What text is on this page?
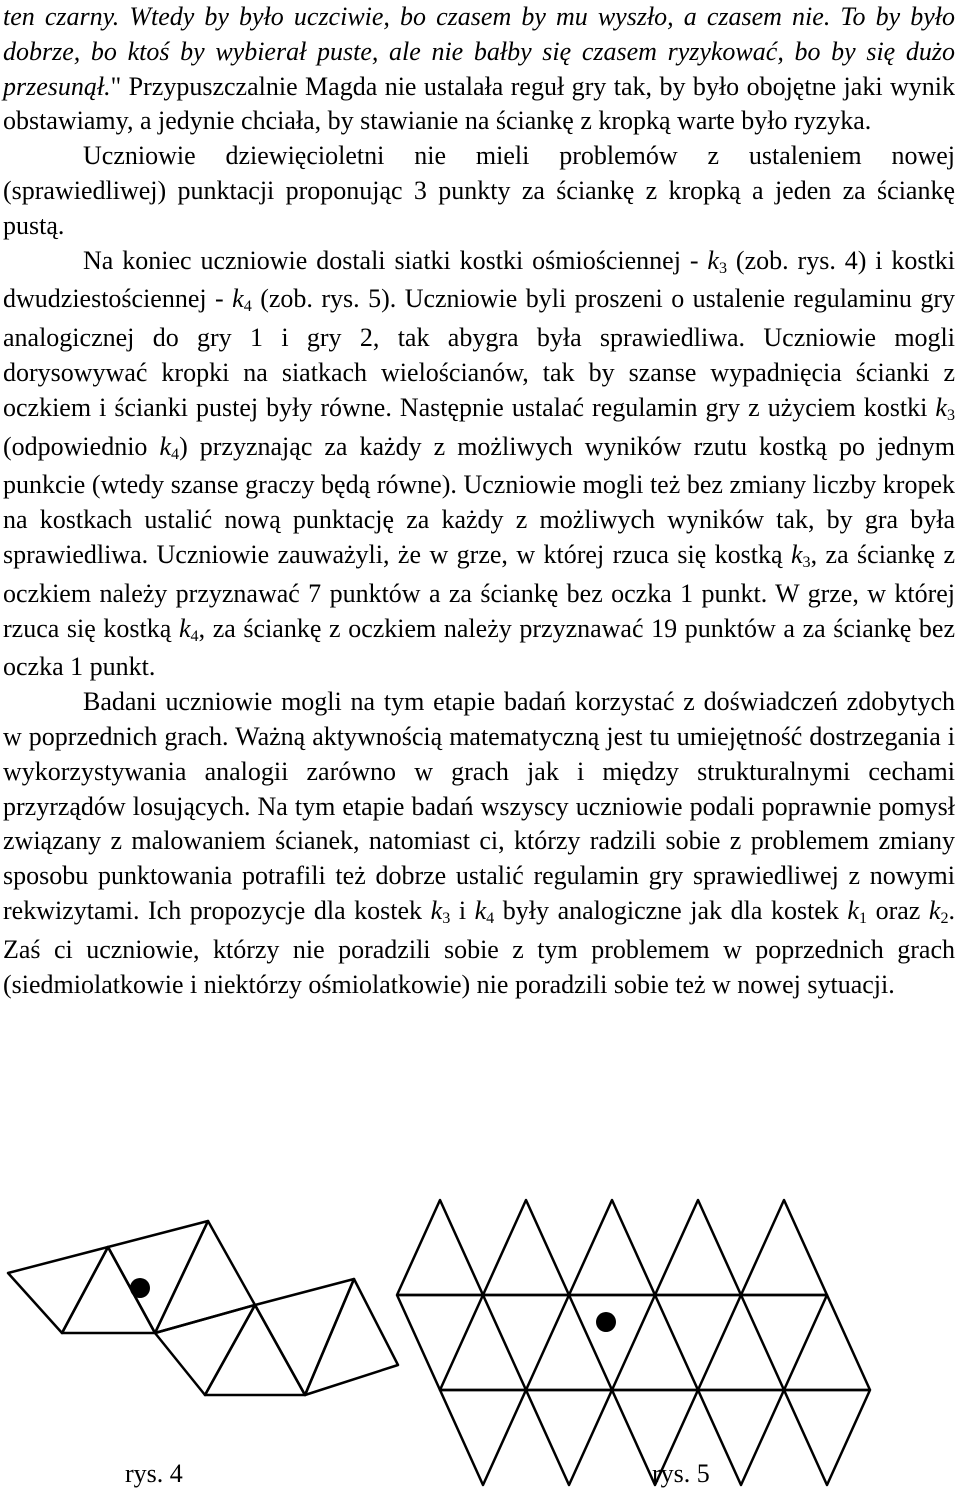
ten czarny. Wtedy by było uczciwie, bo czasem by mu wyszło, a czasem nie. To by było dobrze, bo ktoś by wybierał puste, ale nie bałby się czasem ryzykować, bo by się dużo przesunął." Przypuszczalnie Magda nie ustalała reguł gry tak, by było obojętne jaki wynik obstawiamy, a jedynie chciała, by stawianie na ściankę z kropką warte było ryzyka.

Uczniowie dziewięcioletni nie mieli problemów z ustaleniem nowej (sprawiedliwej) punktacji proponując 3 punkty za ściankę z kropką a jeden za ściankę pustą.

Na koniec uczniowie dostali siatki kostki ośmiościennej - $k_3$ (zob. rys. 4) i kostki dwudziestościennej - $k_4$ (zob. rys. 5). Uczniowie byli proszeni o ustalenie regulaminu gry analogicznej do gry 1 i gry 2, tak abygra była sprawiedliwa. Uczniowie mogli dorysowywać kropki na siatkach wielościanów, tak by szanse wypadnięcia ścianki z oczkiem i ścianki pustej były równe. Następnie ustalać regulamin gry z użyciem kostki $k_3$ (odpowiednio $k_4$) przyznając za każdy z możliwych wyników rzutu kostką po jednym punkcie (wtedy szanse graczy będą równe). Uczniowie mogli też bez zmiany liczby kropek na kostkach ustalić nową punktację za każdy z możliwych wyników tak, by gra była sprawiedliwa. Uczniowie zauważyli, że w grze, w której rzuca się kostką $k_3$, za ściankę z oczkiem należy przyznawać 7 punktów a za ściankę bez oczka 1 punkt. W grze, w której rzuca się kostką $k_4$, za ściankę z oczkiem należy przyznawać 19 punktów a za ściankę bez oczka 1 punkt.

Badani uczniowie mogli na tym etapie badań korzystać z doświadczeń zdobytych w poprzednich grach. Ważną aktywnością matematyczną jest tu umiejętność dostrzegania i wykorzystywania analogii zarówno w grach jak i między strukturalnymi cechami przyrządów losujących. Na tym etapie badań wszyscy uczniowie podali poprawnie pomysł związany z malowaniem ścianek, natomiast ci, którzy radzili sobie z problemem zmiany sposobu punktowania potrafili też dobrze ustalić regulamin gry sprawiedliwej z nowymi rekwizytami. Ich propozycje dla kostek $k_3$ i $k_4$ były analogiczne jak dla kostek $k_1$ oraz $k_2$. Zaś ci uczniowie, którzy nie poradzili sobie z tym problemem w poprzednich grach (siedmiolatkowie i niektórzy ośmiolatkowie) nie poradzili sobie też w nowej sytuacji.

rys. 4	rys. 5
